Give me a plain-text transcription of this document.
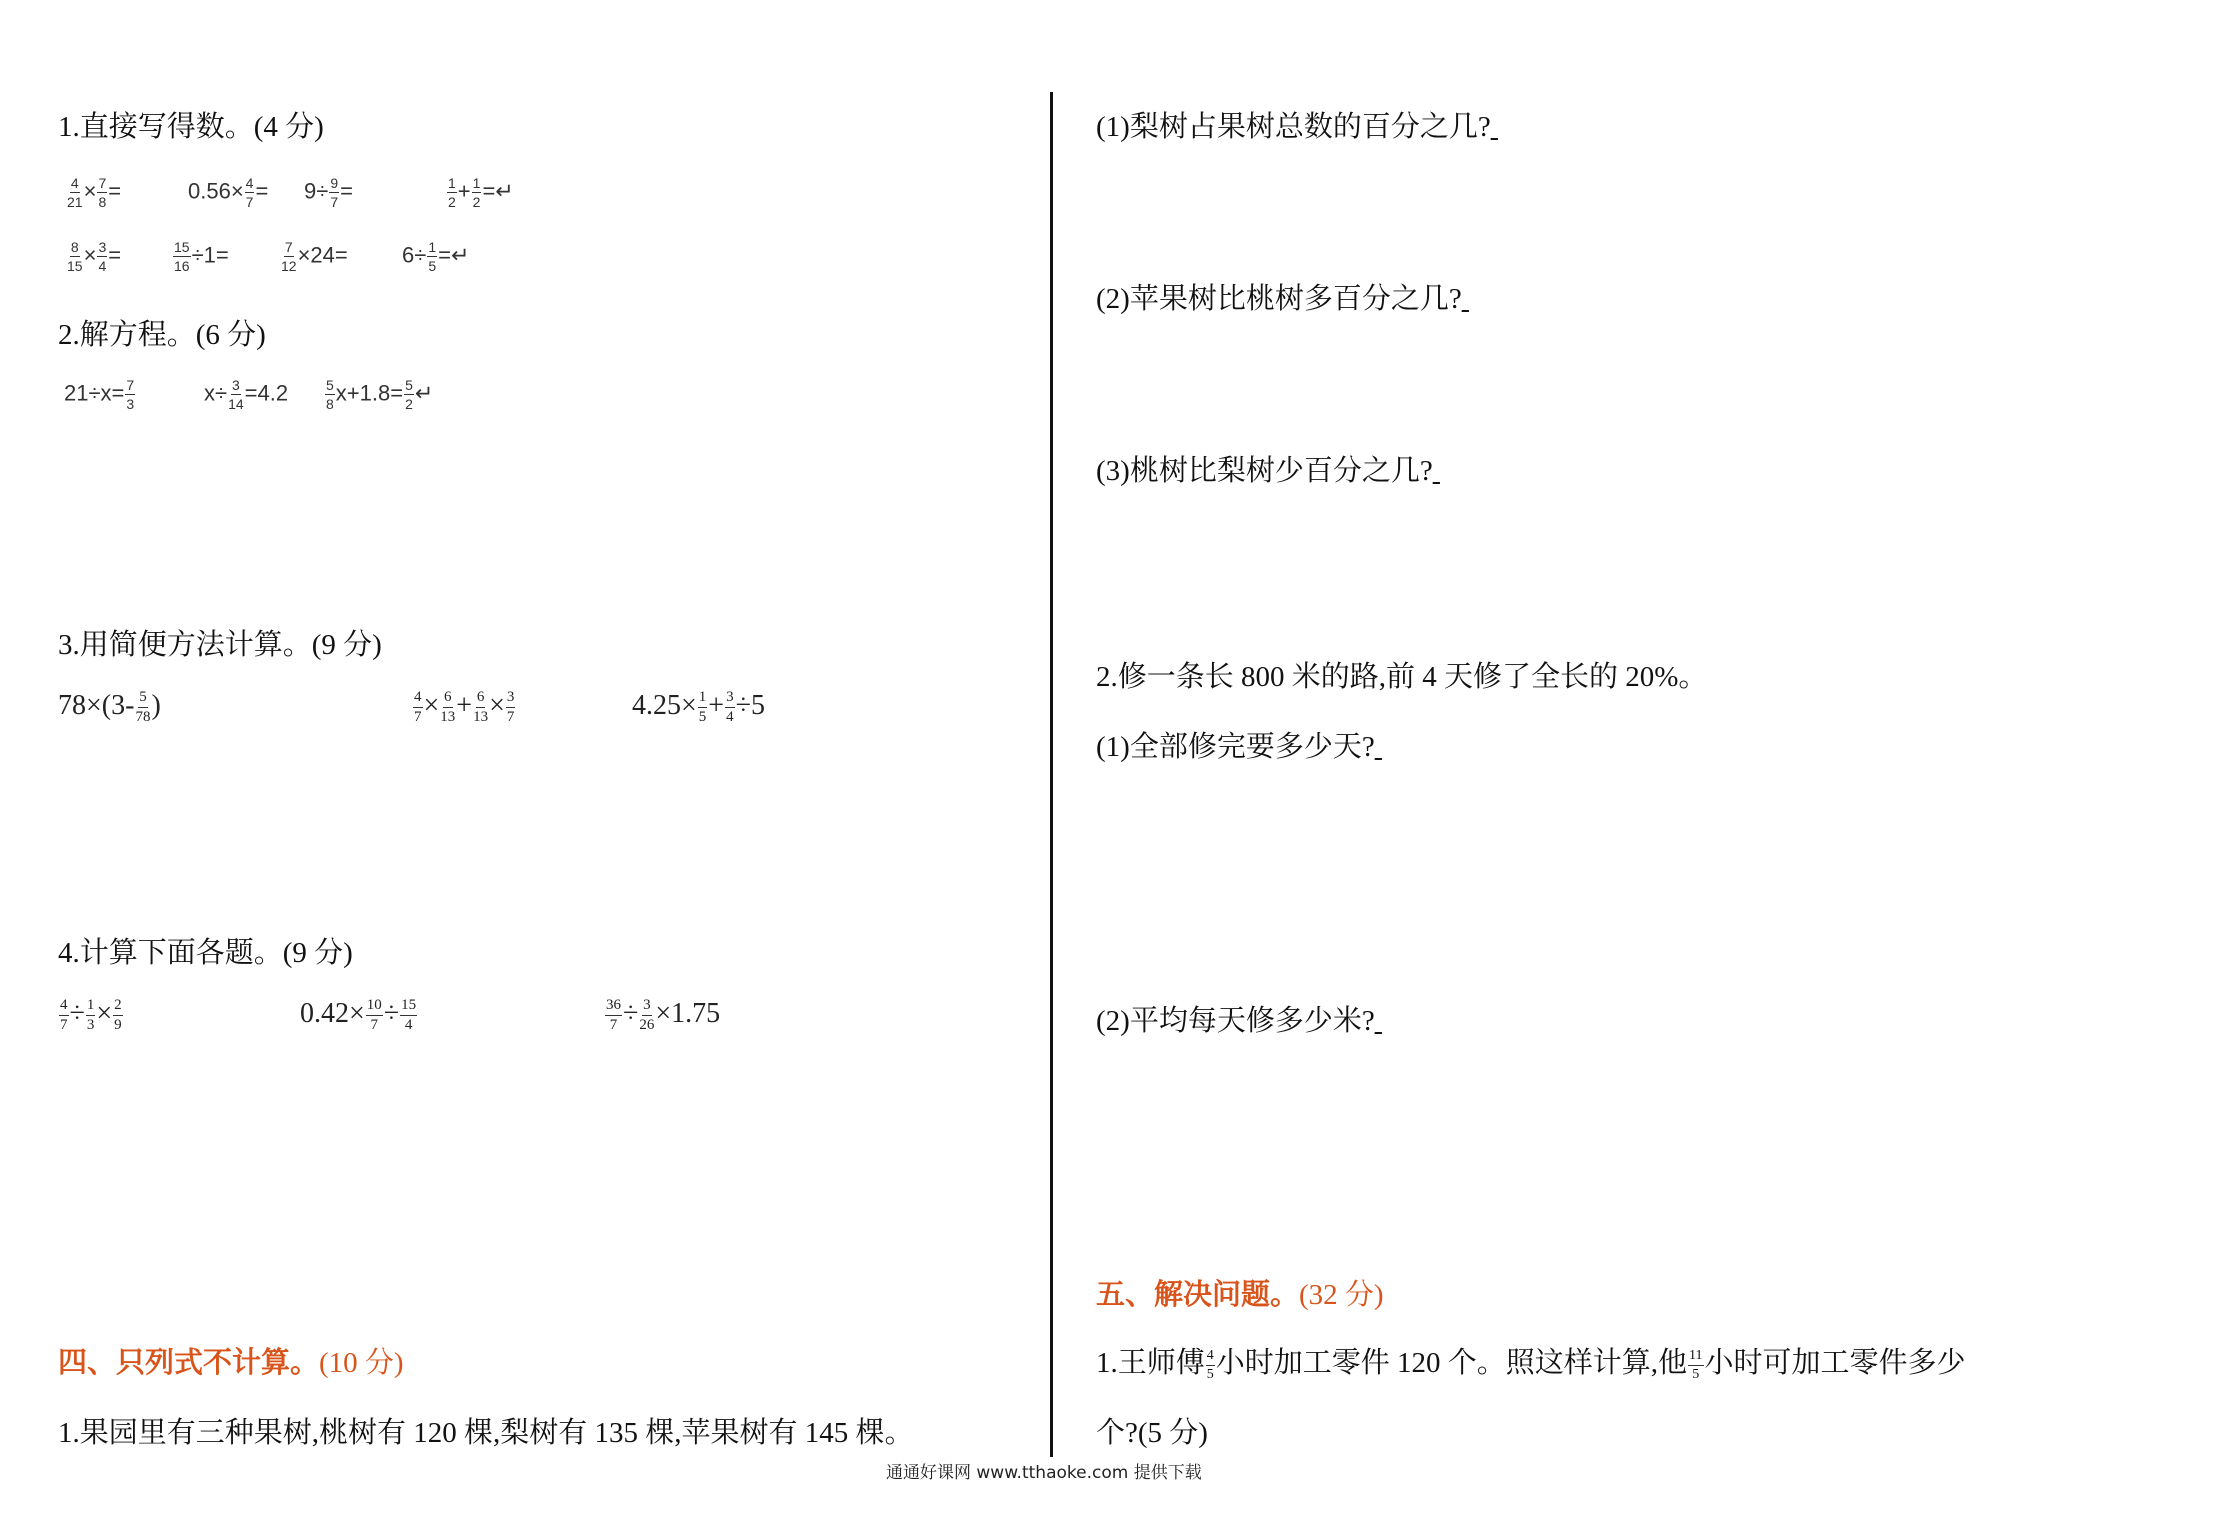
1.直接写得数。(4 分)
$\frac{4}{21} \times \frac{7}{8}$ =	$0.56\times \frac{4}{7} = 9\div \frac{9}{7}$ =	$\frac{1}{2} + \frac{1}{2}$ =↵
$\frac{8}{15} \times \frac{3}{4}$ =	$\frac{15}{16} \div 1=$	$\frac{7}{12} \times 24= 6\div \frac{1}{5}$ =↵
2.解方程。(6 分)
$21\div x= \frac{7}{3}$	$x\div \frac{3}{14} =4.2$	$\frac{5}{8} x+1.8= \frac{5}{2}$ ↵
3.用简便方法计算。(9 分)
$78\times(3- \frac{5}{78}$ )	$\frac{4}{7} \times \frac{6}{13} + \frac{6}{13} \times \frac{3}{7}$	$4.25\times \frac{1}{5} + \frac{3}{4} \div 5$
4.计算下面各题。(9 分)
$\frac{4}{7} \div \frac{1}{3} \times \frac{2}{9}$	$0.42\times \frac{10}{7} \div \frac{15}{4}$	$\frac{36}{7} \div \frac{3}{26} \times 1.75$
四、只列式不计算。(10 分)
1.果园里有三种果树,桃树有 120 棵,梨树有 135 棵,苹果树有 145 棵。
(1)梨树占果树总数的百分之几?
(2)苹果树比桃树多百分之几?
(3)桃树比梨树少百分之几?
2.修一条长 800 米的路,前 4 天修了全长的 20%。
(1)全部修完要多少天?
(2)平均每天修多少米?
五、解决问题。(32 分)
1.王师傅 $\frac{4}{5}$ 小时加工零件 120 个。照这样计算,他 $\frac{11}{5}$ 小时可加工零件多少
个?(5 分)
通通好课网 www.tthaoke.com 提供下载
